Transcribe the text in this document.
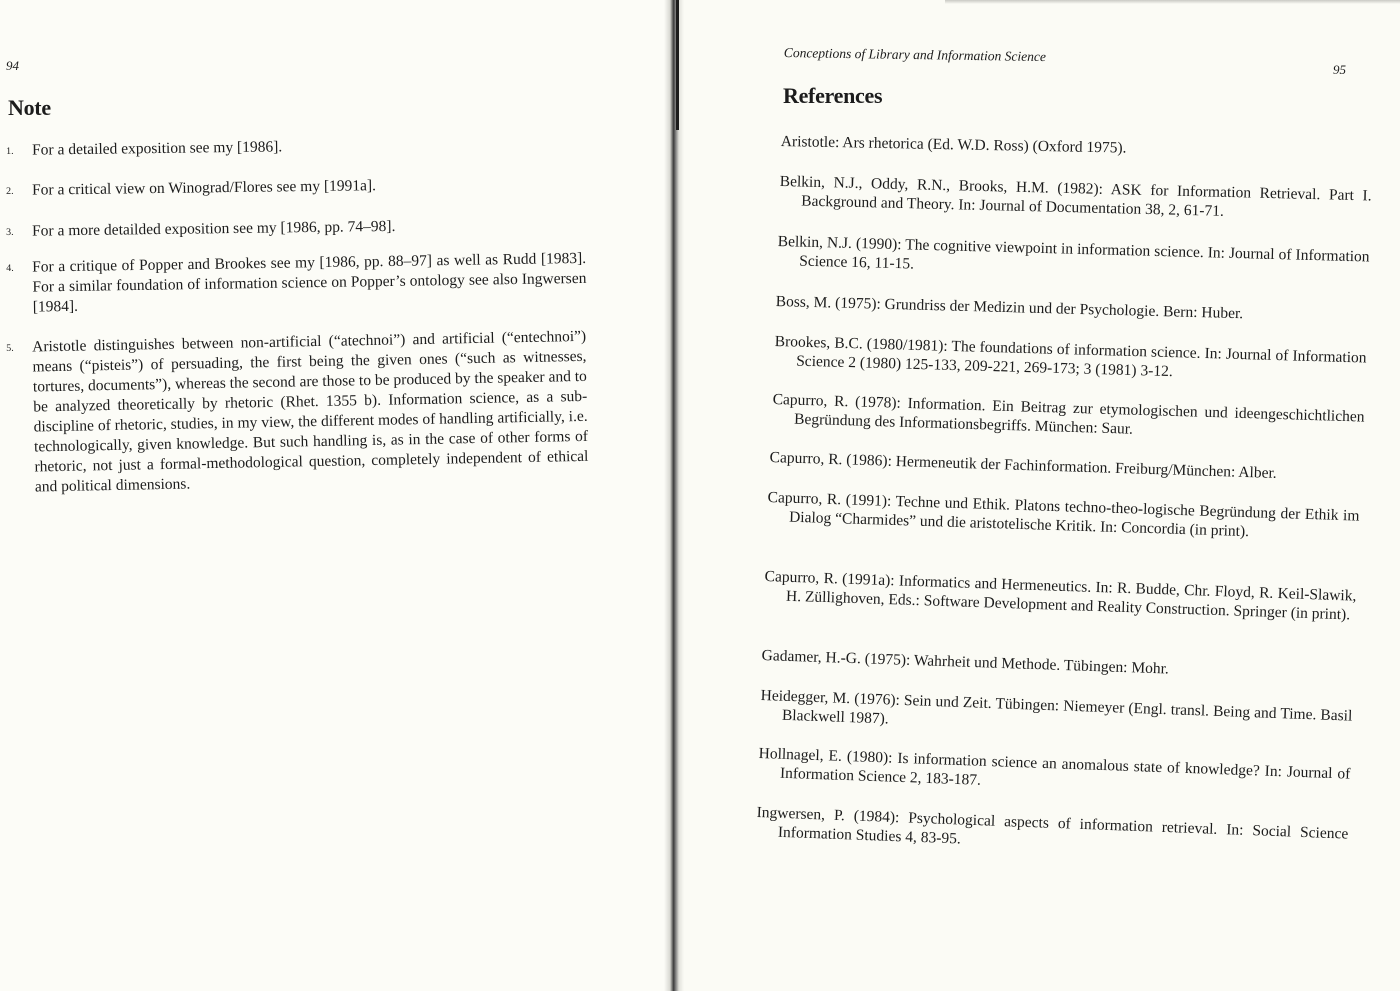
94
Note
1. For a detailed exposition see my [1986].
2. For a critical view on Winograd/Flores see my [1991a].
3. For a more detailded exposition see my [1986, pp. 74–98].
4. For a critique of Popper and Brookes see my [1986, pp. 88–97] as well as Rudd [1983]. For a similar foundation of information science on Popper’s ontology see also Ingwersen [1984].
5. Aristotle distinguishes between non-artificial (“atechnoi”) and artificial (“entechnoi”) means (“pisteis”) of persuading, the first being the given ones (“such as witnesses, tortures, documents”), whereas the second are those to be produced by the speaker and to be analyzed theoretically by rhetoric (Rhet. 1355 b). Information science, as a sub-discipline of rhetoric, studies, in my view, the different modes of handling artificially, i.e. technologically, given knowledge. But such handling is, as in the case of other forms of rhetoric, not just a formal-methodological question, completely independent of ethical and political dimensions.
Conceptions of Library and Information Science
95
References
Aristotle: Ars rhetorica (Ed. W.D. Ross) (Oxford 1975).
Belkin, N.J., Oddy, R.N., Brooks, H.M. (1982): ASK for Information Retrieval. Part I. Background and Theory. In: Journal of Documentation 38, 2, 61-71.
Belkin, N.J. (1990): The cognitive viewpoint in information science. In: Journal of Information Science 16, 11-15.
Boss, M. (1975): Grundriss der Medizin und der Psychologie. Bern: Huber.
Brookes, B.C. (1980/1981): The foundations of information science. In: Journal of Information Science 2 (1980) 125-133, 209-221, 269-173; 3 (1981) 3-12.
Capurro, R. (1978): Information. Ein Beitrag zur etymologischen und ideengeschichtlichen Begründung des Informationsbegriffs. München: Saur.
Capurro, R. (1986): Hermeneutik der Fachinformation. Freiburg/München: Alber.
Capurro, R. (1991): Techne und Ethik. Platons techno-theo-logische Begründung der Ethik im Dialog “Charmides” und die aristotelische Kritik. In: Concordia (in print).
Capurro, R. (1991a): Informatics and Hermeneutics. In: R. Budde, Chr. Floyd, R. Keil-Slawik, H. Züllighoven, Eds.: Software Development and Reality Construction. Springer (in print).
Gadamer, H.-G. (1975): Wahrheit und Methode. Tübingen: Mohr.
Heidegger, M. (1976): Sein und Zeit. Tübingen: Niemeyer (Engl. transl. Being and Time. Basil Blackwell 1987).
Hollnagel, E. (1980): Is information science an anomalous state of knowledge? In: Journal of Information Science 2, 183-187.
Ingwersen, P. (1984): Psychological aspects of information retrieval. In: Social Science Information Studies 4, 83-95.
